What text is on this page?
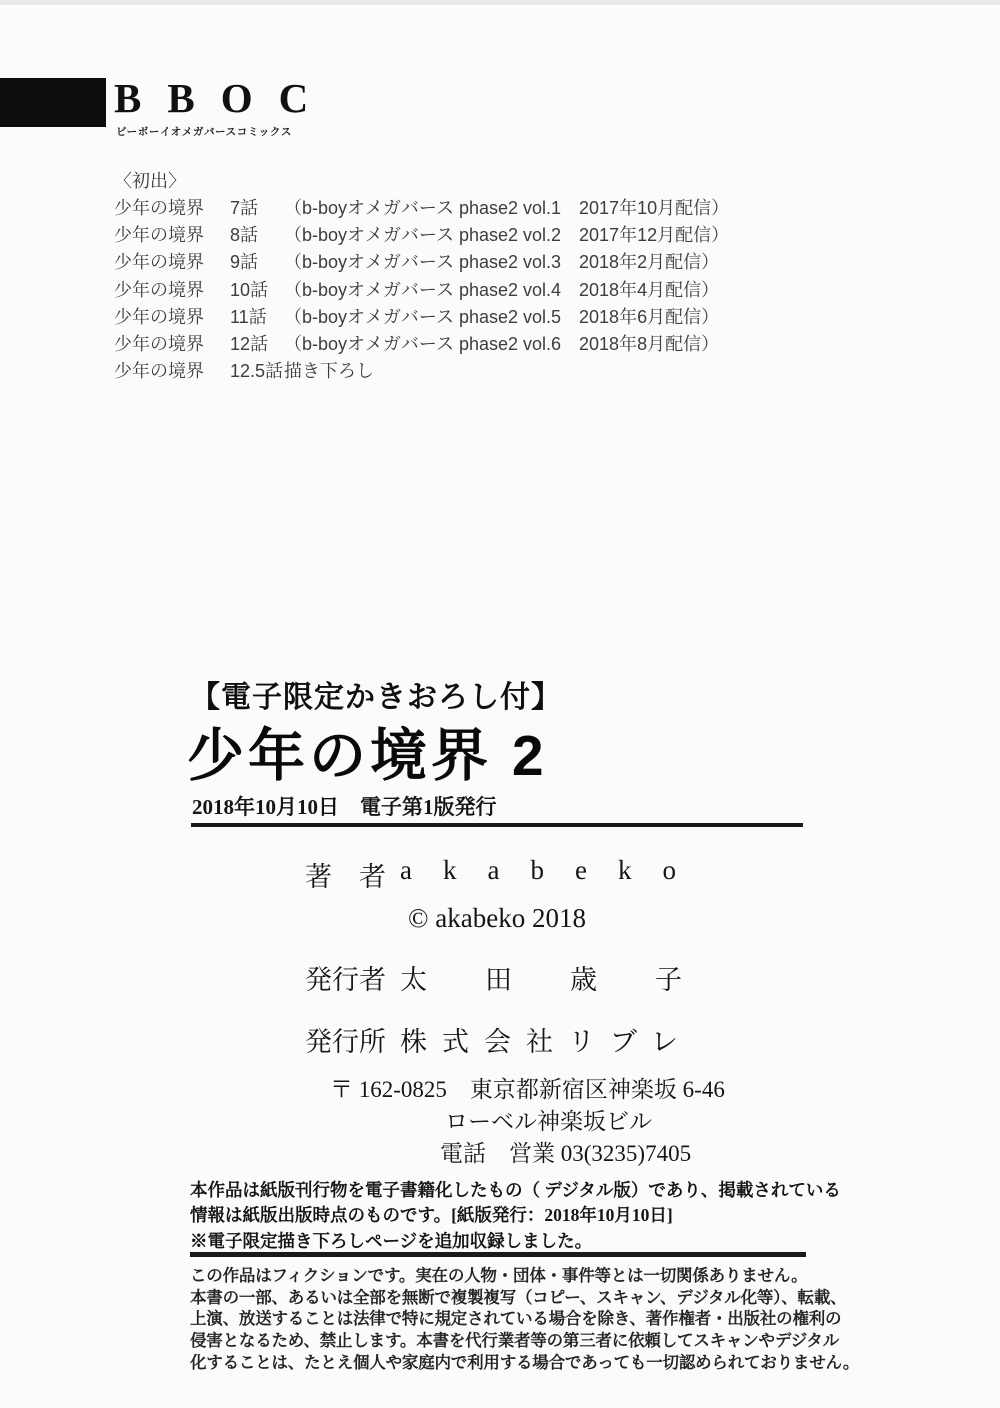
BBOC
ビーボーイオメガバースコミックス
〈初出〉
少年の境界	7話	（b-boyオメガバース phase2 vol.1　2017年10月配信）
少年の境界	8話	（b-boyオメガバース phase2 vol.2　2017年12月配信）
少年の境界	9話	（b-boyオメガバース phase2 vol.3　2018年2月配信）
少年の境界	10話 （b-boyオメガバース phase2 vol.4　2018年4月配信）
少年の境界	11話 （b-boyオメガバース phase2 vol.5　2018年6月配信）
少年の境界	12話 （b-boyオメガバース phase2 vol.6　2018年8月配信）
少年の境界	12.5話 描き下ろし
【電子限定かきおろし付】
少年の境界 2
2018年10月10日　電子第1版発行
著　者 akabeko
© akabeko 2018
発行者 太田歳子
発行所 株式会社リブレ
〒 162-0825　東京都新宿区神楽坂 6-46
ローベル神楽坂ビル
電話　営業 03(3235)7405
本作品は紙版刊行物を電子書籍化したもの（ デジタル版）であり、掲載されている
情報は紙版出版時点のものです。[紙版発行：2018年10月10日]
※電子限定描き下ろしページを追加収録しました。
この作品はフィクションです。実在の人物・団体・事件等とは一切関係ありません。
本書の一部、あるいは全部を無断で複製複写（コピー、スキャン、デジタル化等）、転載、
上演、放送することは法律で特に規定されている場合を除き、著作権者・出版社の権利の
侵害となるため、禁止します。本書を代行業者等の第三者に依頼してスキャンやデジタル
化することは、たとえ個人や家庭内で利用する場合であっても一切認められておりません。
